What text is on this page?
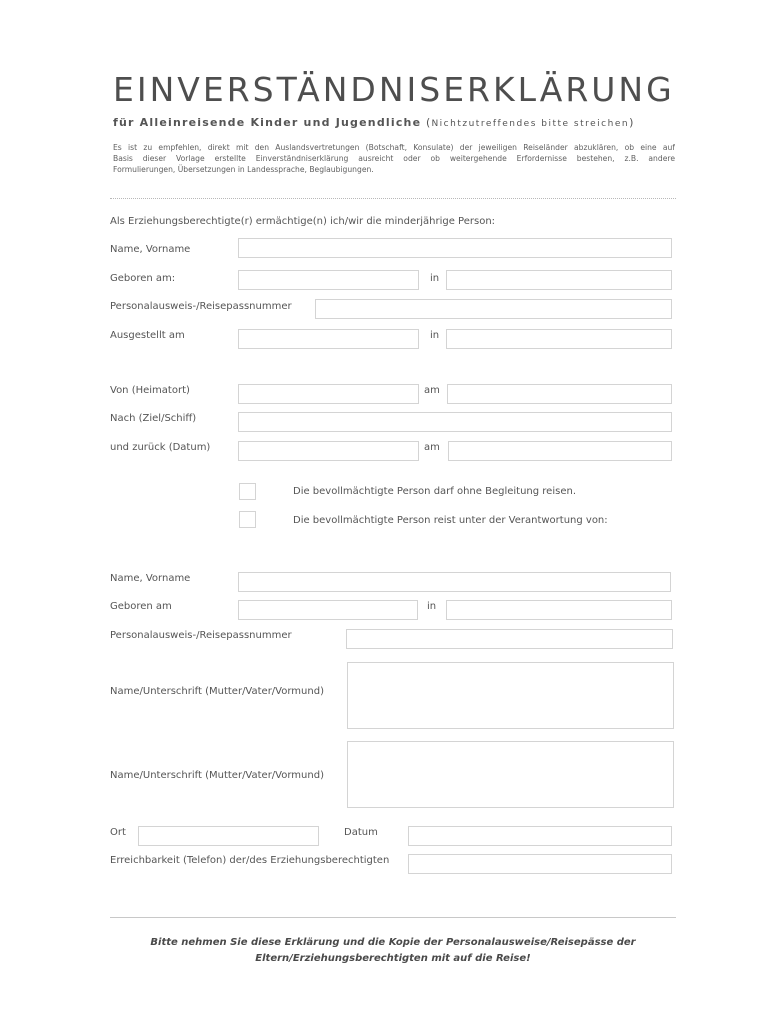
EINVERSTÄNDNISERKLÄRUNG
für Alleinreisende Kinder und Jugendliche (Nichtzutreffendes bitte streichen)
Es ist zu empfehlen, direkt mit den Auslandsvertretungen (Botschaft, Konsulate) der jeweiligen Reiseländer abzuklären, ob eine auf
Basis dieser Vorlage erstellte Einverständniserklärung ausreicht oder ob weitergehende Erfordernisse bestehen, z.B. andere
Formulierungen, Übersetzungen in Landessprache, Beglaubigungen.
Als Erziehungsberechtigte(r) ermächtige(n) ich/wir die minderjährige Person:
Name, Vorname
Geboren am:	in
Personalausweis-/Reisepassnummer
Ausgestellt am	in
Von (Heimatort)	am
Nach (Ziel/Schiff)
und zurück (Datum)	am
Die bevollmächtigte Person darf ohne Begleitung reisen.
Die bevollmächtigte Person reist unter der Verantwortung von:
Name, Vorname
Geboren am	in
Personalausweis-/Reisepassnummer
Name/Unterschrift (Mutter/Vater/Vormund)
Name/Unterschrift (Mutter/Vater/Vormund)
Ort	Datum
Erreichbarkeit (Telefon) der/des Erziehungsberechtigten
Bitte nehmen Sie diese Erklärung und die Kopie der Personalausweise/Reisepässe der
Eltern/Erziehungsberechtigten mit auf die Reise!
